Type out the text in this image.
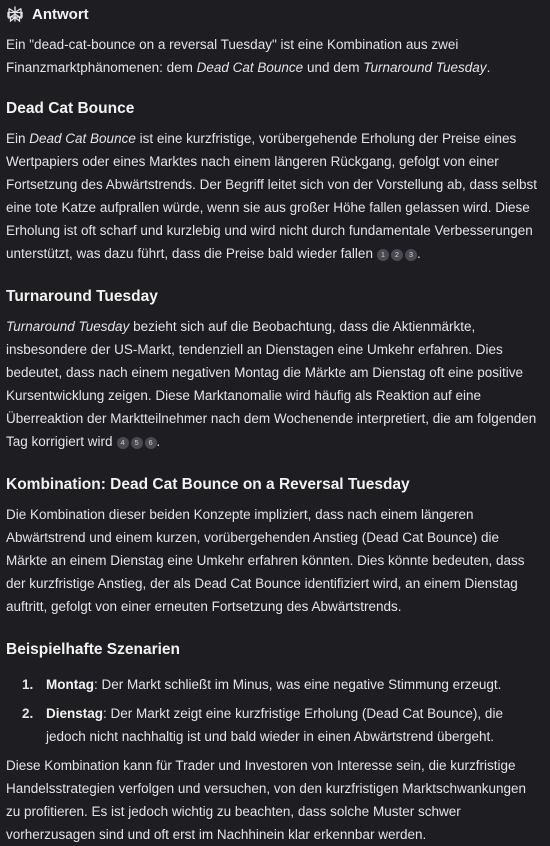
Antwort

Ein "dead-cat-bounce on a reversal Tuesday" ist eine Kombination aus zwei Finanzmarktphänomenen: dem Dead Cat Bounce und dem Turnaround Tuesday.

Dead Cat Bounce

Ein Dead Cat Bounce ist eine kurzfristige, vorübergehende Erholung der Preise eines Wertpapiers oder eines Marktes nach einem längeren Rückgang, gefolgt von einer Fortsetzung des Abwärtstrends. Der Begriff leitet sich von der Vorstellung ab, dass selbst eine tote Katze aufprallen würde, wenn sie aus großer Höhe fallen gelassen wird. Diese Erholung ist oft scharf und kurzlebig und wird nicht durch fundamentale Verbesserungen unterstützt, was dazu führt, dass die Preise bald wieder fallen 1 2 3 .

Turnaround Tuesday

Turnaround Tuesday bezieht sich auf die Beobachtung, dass die Aktienmärkte, insbesondere der US-Markt, tendenziell an Dienstagen eine Umkehr erfahren. Dies bedeutet, dass nach einem negativen Montag die Märkte am Dienstag oft eine positive Kursentwicklung zeigen. Diese Marktanomalie wird häufig als Reaktion auf eine Überreaktion der Marktteilnehmer nach dem Wochenende interpretiert, die am folgenden Tag korrigiert wird 4 5 6 .

Kombination: Dead Cat Bounce on a Reversal Tuesday

Die Kombination dieser beiden Konzepte impliziert, dass nach einem längeren Abwärtstrend und einem kurzen, vorübergehenden Anstieg (Dead Cat Bounce) die Märkte an einem Dienstag eine Umkehr erfahren könnten. Dies könnte bedeuten, dass der kurzfristige Anstieg, der als Dead Cat Bounce identifiziert wird, an einem Dienstag auftritt, gefolgt von einer erneuten Fortsetzung des Abwärtstrends.

Beispielhafte Szenarien
1. Montag: Der Markt schließt im Minus, was eine negative Stimmung erzeugt.
2. Dienstag: Der Markt zeigt eine kurzfristige Erholung (Dead Cat Bounce), die jedoch nicht nachhaltig ist und bald wieder in einen Abwärtstrend übergeht.

Diese Kombination kann für Trader und Investoren von Interesse sein, die kurzfristige Handelsstrategien verfolgen und versuchen, von den kurzfristigen Marktschwankungen zu profitieren. Es ist jedoch wichtig zu beachten, dass solche Muster schwer vorherzusagen sind und oft erst im Nachhinein klar erkennbar werden.
